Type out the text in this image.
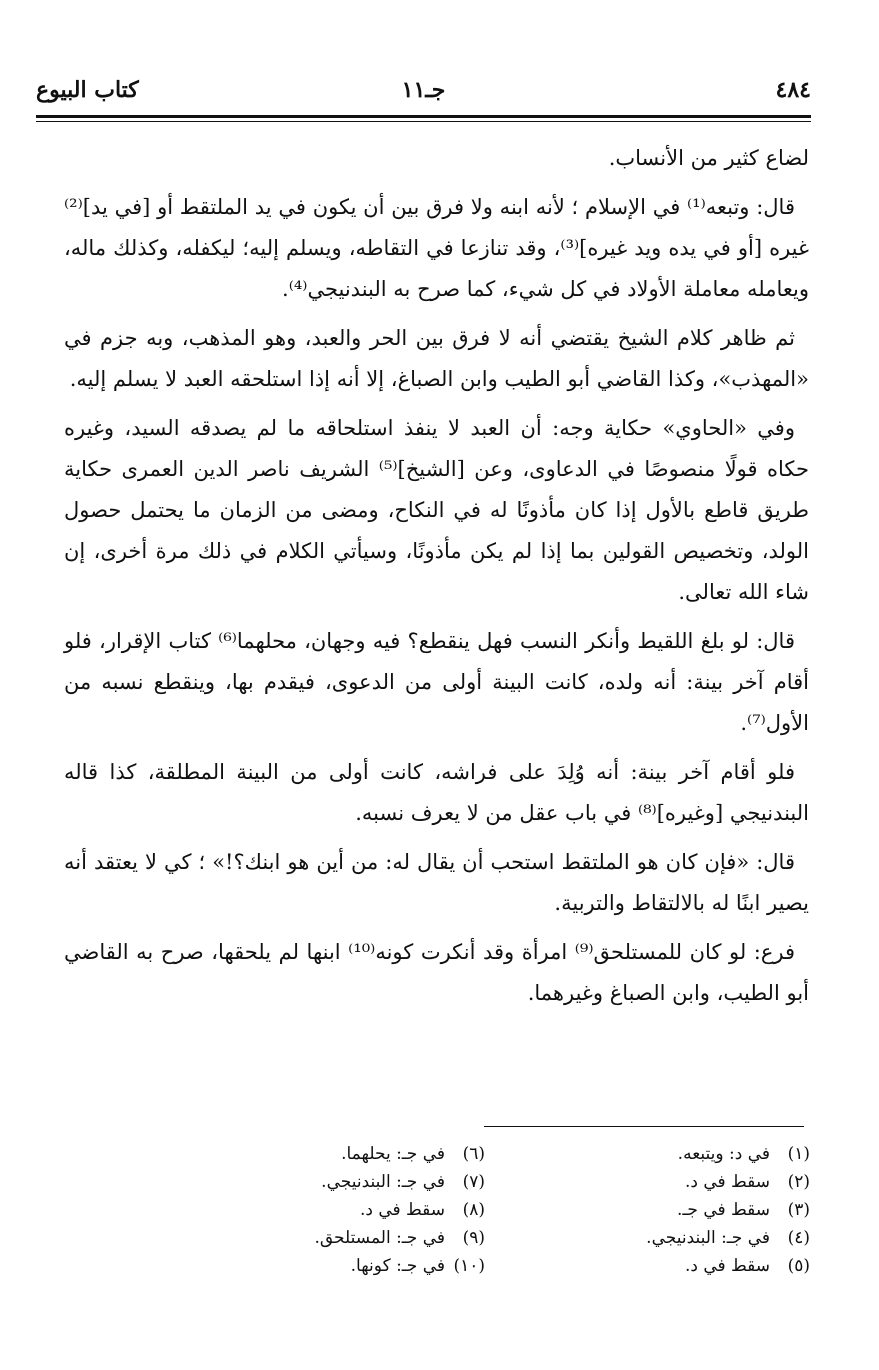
٤٨٤
جـ١١
كتاب البيوع

لضاع كثير من الأنساب.

قال: وتبعه⁽¹⁾ في الإسلام ؛ لأنه ابنه ولا فرق بين أن يكون في يد الملتقط أو [في يد]⁽²⁾ غيره [أو في يده ويد غيره]⁽³⁾، وقد تنازعا في التقاطه، ويسلم إليه؛ ليكفله، وكذلك ماله، ويعامله معاملة الأولاد في كل شيء، كما صرح به البندنيجي⁽⁴⁾.

ثم ظاهر كلام الشيخ يقتضي أنه لا فرق بين الحر والعبد، وهو المذهب، وبه جزم في «المهذب»، وكذا القاضي أبو الطيب وابن الصباغ، إلا أنه إذا استلحقه العبد لا يسلم إليه.

وفي «الحاوي» حكاية وجه: أن العبد لا ينفذ استلحاقه ما لم يصدقه السيد، وغيره حكاه قولًا منصوصًا في الدعاوى، وعن [الشيخ]⁽⁵⁾ الشريف ناصر الدين العمرى حكاية طريق قاطع بالأول إذا كان مأذونًا له في النكاح، ومضى من الزمان ما يحتمل حصول الولد، وتخصيص القولين بما إذا لم يكن مأذونًا، وسيأتي الكلام في ذلك مرة أخرى، إن شاء الله تعالى.

قال: لو بلغ اللقيط وأنكر النسب فهل ينقطع؟ فيه وجهان، محلهما⁽⁶⁾ كتاب الإقرار، فلو أقام آخر بينة: أنه ولده، كانت البينة أولى من الدعوى، فيقدم بها، وينقطع نسبه من الأول⁽⁷⁾.

فلو أقام آخر بينة: أنه وُلِدَ على فراشه، كانت أولى من البينة المطلقة، كذا قاله البندنيجي [وغيره]⁽⁸⁾ في باب عقل من لا يعرف نسبه.

قال: «فإن كان هو الملتقط استحب أن يقال له: من أين هو ابنك؟!» ؛ كي لا يعتقد أنه يصير ابنًا له بالالتقاط والتربية.

فرع: لو كان للمستلحق⁽⁹⁾ امرأة وقد أنكرت كونه⁽¹⁰⁾ ابنها لم يلحقها، صرح به القاضي أبو الطيب، وابن الصباغ وغيرهما.

(١)في د: ويتبعه.
(٢)سقط في د.
(٣)سقط في جـ.
(٤)في جـ: البندنيجي.
(٥)سقط في د.
(٦)في جـ: يحلهما.
(٧)في جـ: البندنيجي.
(٨)سقط في د.
(٩)في جـ: المستلحق.
(١٠)في جـ: كونها.
